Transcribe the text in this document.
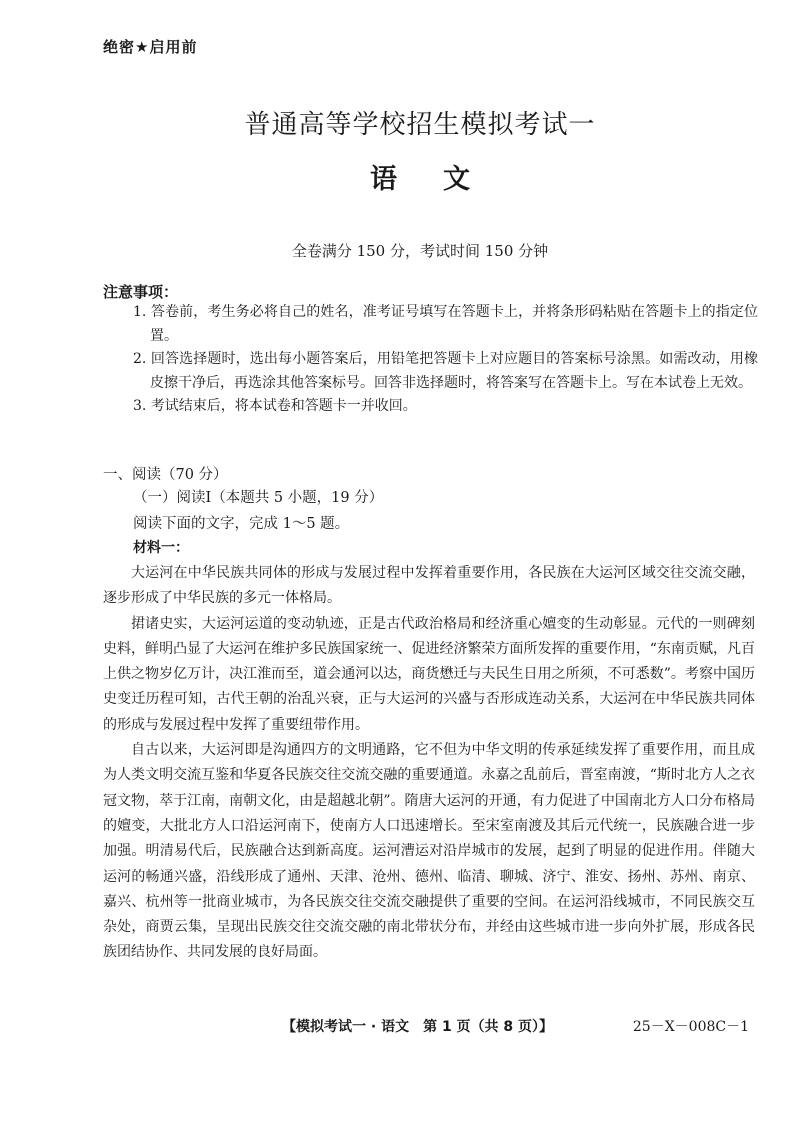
绝密★启用前
普通高等学校招生模拟考试一
语文
全卷满分 150 分，考试时间 150 分钟
注意事项：

1. 答卷前，考生务必将自己的姓名，准考证号填写在答题卡上，并将条形码粘贴在答题卡上的指定位置。

2. 回答选择题时，选出每小题答案后，用铅笔把答题卡上对应题目的答案标号涂黑。如需改动，用橡皮擦干净后，再选涂其他答案标号。回答非选择题时，将答案写在答题卡上。写在本试卷上无效。

3. 考试结束后，将本试卷和答题卡一并收回。

一、阅读（70 分）
（一）阅读Ⅰ（本题共 5 小题，19 分）
阅读下面的文字，完成 1～5 题。
材料一：

大运河在中华民族共同体的形成与发展过程中发挥着重要作用，各民族在大运河区域交往交流交融，逐步形成了中华民族的多元一体格局。

捃诸史实，大运河运道的变动轨迹，正是古代政治格局和经济重心嬗变的生动彰显。元代的一则碑刻史料，鲜明凸显了大运河在维护多民族国家统一、促进经济繁荣方面所发挥的重要作用，“东南贡赋，凡百上供之物岁亿万计，决江淮而至，道会通河以达，商货懋迁与夫民生日用之所须，不可悉数”。考察中国历史变迁历程可知，古代王朝的治乱兴衰，正与大运河的兴盛与否形成连动关系，大运河在中华民族共同体的形成与发展过程中发挥了重要纽带作用。

自古以来，大运河即是沟通四方的文明通路，它不但为中华文明的传承延续发挥了重要作用，而且成为人类文明交流互鉴和华夏各民族交往交流交融的重要通道。永嘉之乱前后，晋室南渡，“斯时北方人之衣冠文物，萃于江南，南朝文化，由是超越北朝”。隋唐大运河的开通，有力促进了中国南北方人口分布格局的嬗变，大批北方人口沿运河南下，使南方人口迅速增长。至宋室南渡及其后元代统一，民族融合进一步加强。明清易代后，民族融合达到新高度。运河漕运对沿岸城市的发展，起到了明显的促进作用。伴随大运河的畅通兴盛，沿线形成了通州、天津、沧州、德州、临清、聊城、济宁、淮安、扬州、苏州、南京、嘉兴、杭州等一批商业城市，为各民族交往交流交融提供了重要的空间。在运河沿线城市，不同民族交互杂处，商贾云集，呈现出民族交往交流交融的南北带状分布，并经由这些城市进一步向外扩展，形成各民族团结协作、共同发展的良好局面。

【模拟考试一 · 语文　第 1 页（共 8 页）】	25－X－008C－1
